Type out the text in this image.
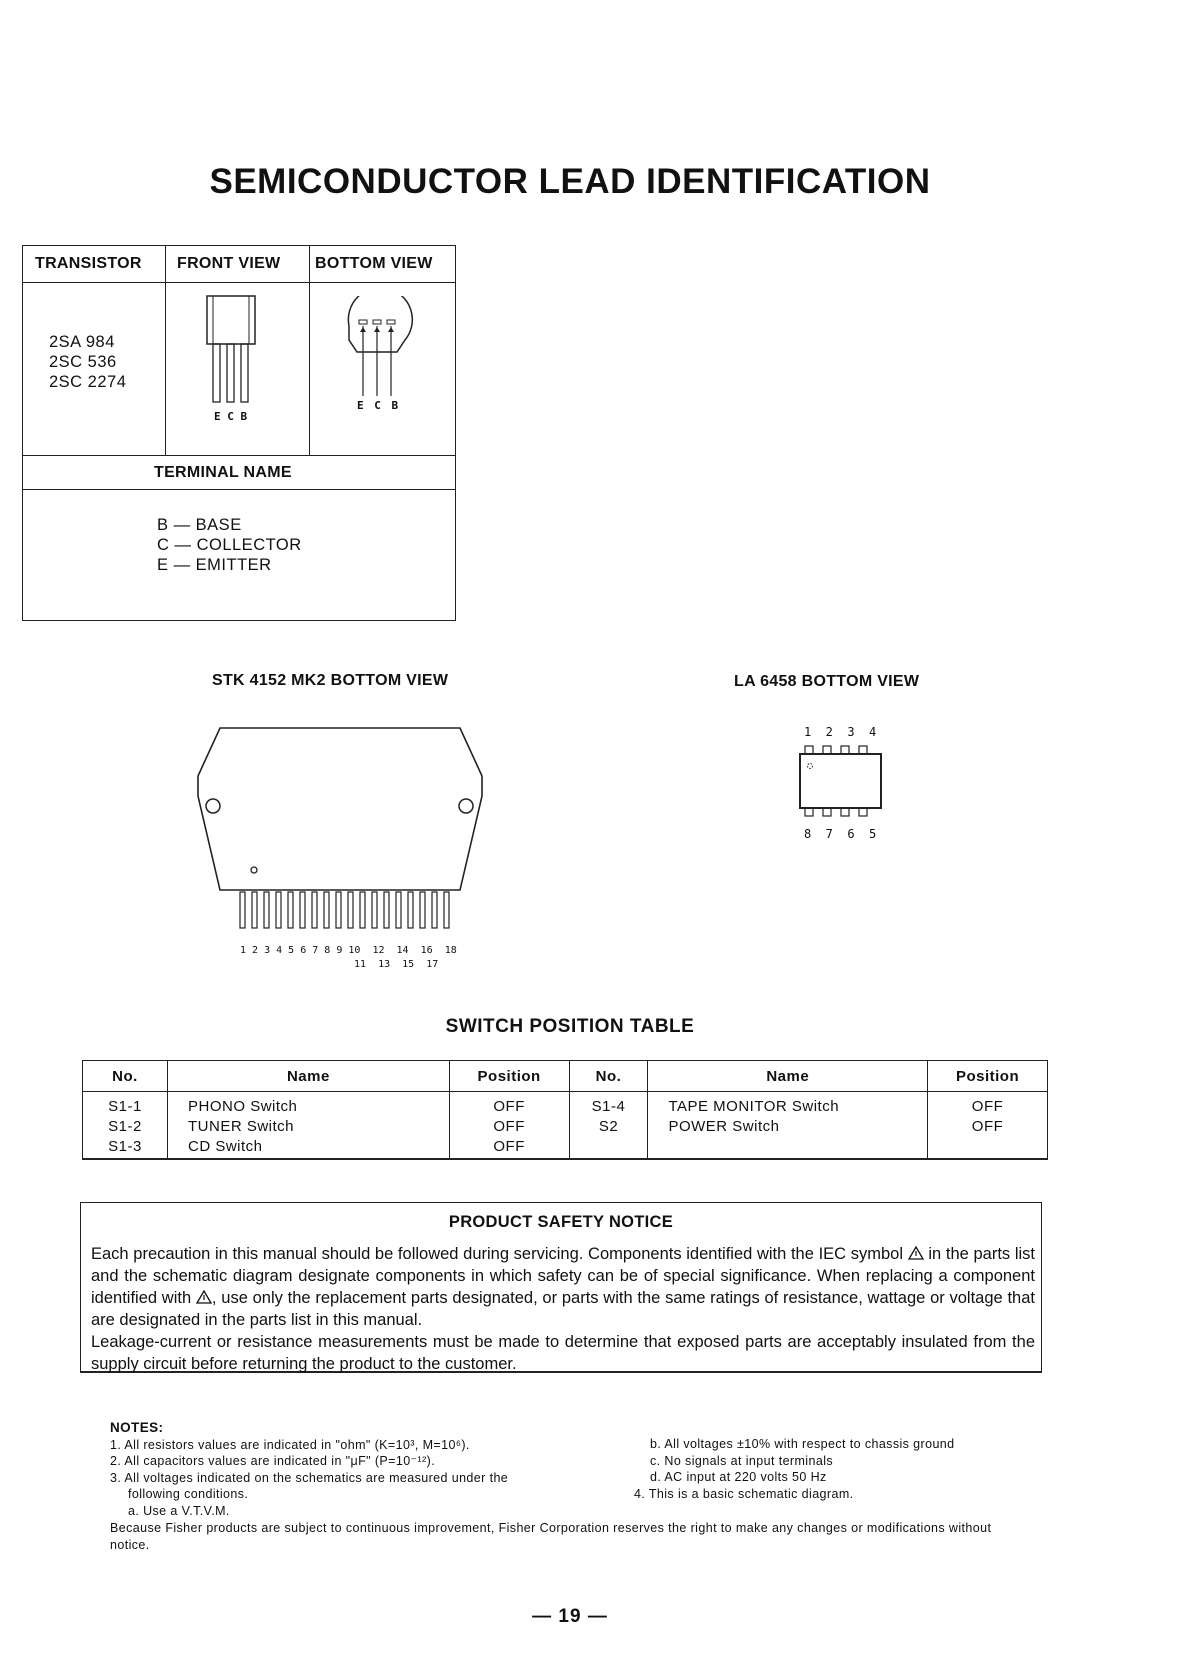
SEMICONDUCTOR LEAD IDENTIFICATION
TRANSISTOR FRONT VIEW BOTTOM VIEW
2SA 984
2SC 536
2SC 2274
E C B
E C B
TERMINAL NAME
B — BASE
C — COLLECTOR
E — EMITTER
STK 4152 MK2 BOTTOM VIEW
1 2 3 4 5 6 7 8 9 10  12  14  16  18
11  13  15  17
LA 6458 BOTTOM VIEW
1  2  3  4
8  7  6  5
SWITCH POSITION TABLE
No.	Name	Position	No.	Name	Position
S1-1	PHONO Switch	OFF	S1-4	TAPE MONITOR Switch	OFF
S1-2	TUNER Switch	OFF	S2	POWER Switch	OFF
S1-3	CD Switch	OFF			
PRODUCT SAFETY NOTICE
Each precaution in this manual should be followed during servicing. Components identified with the IEC symbol in the parts list and the schematic diagram designate components in which safety can be of special significance. When replacing a component identified with , use only the replacement parts designated, or parts with the same ratings of resistance, wattage or voltage that are designated in the parts list in this manual.
Leakage-current or resistance measurements must be made to determine that exposed parts are acceptably insulated from the supply circuit before returning the product to the customer.
NOTES:
1. All resistors values are indicated in "ohm" (K=10³, M=10⁶).
2. All capacitors values are indicated in "μF" (P=10⁻¹²).
3. All voltages indicated on the schematics are measured under the
following conditions.
a. Use a V.T.V.M.
b. All voltages ±10% with respect to chassis ground
c. No signals at input terminals
d. AC input at 220 volts 50 Hz
4. This is a basic schematic diagram.
Because Fisher products are subject to continuous improvement, Fisher Corporation reserves the right to make any changes or modifications without notice.
— 19 —
